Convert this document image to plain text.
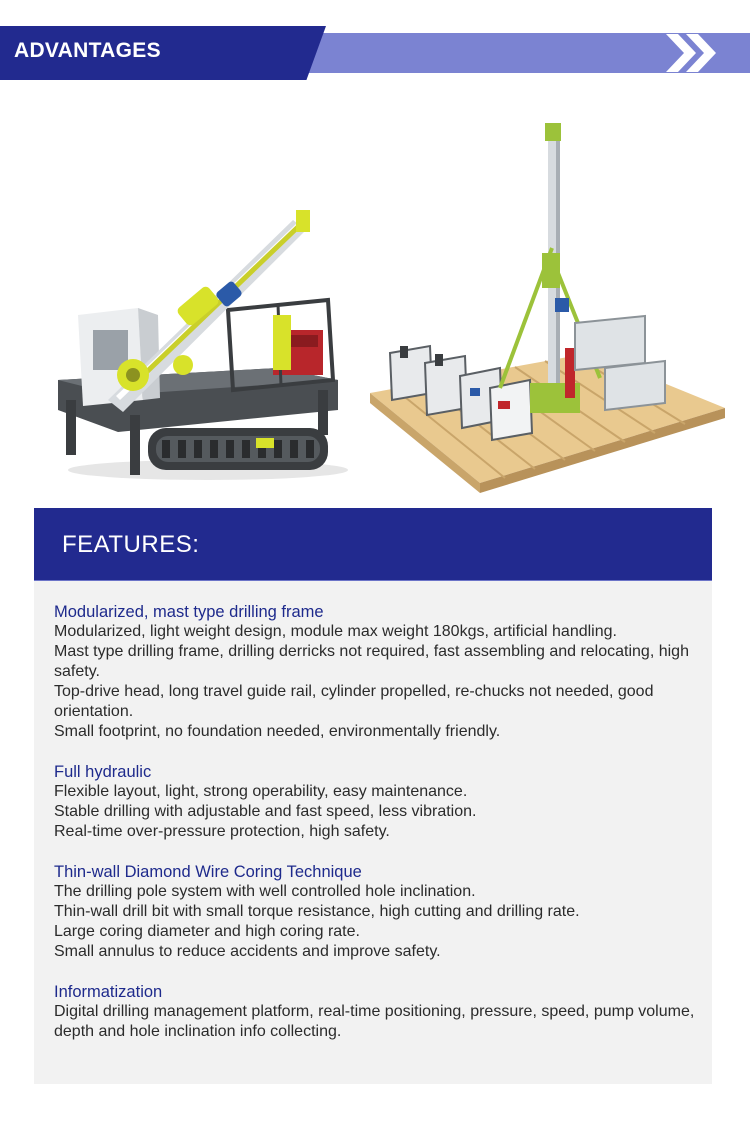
ADVANTAGES
FEATURES:
Modularized, mast type drilling frame
Modularized, light weight design, module max weight 180kgs, artificial handling.
Mast type drilling frame, drilling derricks not required, fast assembling and relocating, high safety.
Top-drive head, long travel guide rail, cylinder propelled, re-chucks not needed, good orientation.
Small footprint, no foundation needed, environmentally friendly.
Full hydraulic
Flexible layout, light, strong operability, easy maintenance.
Stable drilling with adjustable and fast speed, less vibration.
Real-time over-pressure protection, high safety.
Thin-wall Diamond Wire Coring Technique
The drilling pole system with well controlled hole inclination.
Thin-wall drill bit with small torque resistance, high cutting and drilling rate.
Large coring diameter and high coring rate.
Small annulus to reduce accidents and improve safety.
Informatization
Digital drilling management platform, real-time positioning, pressure, speed, pump volume, depth and hole inclination info collecting.
